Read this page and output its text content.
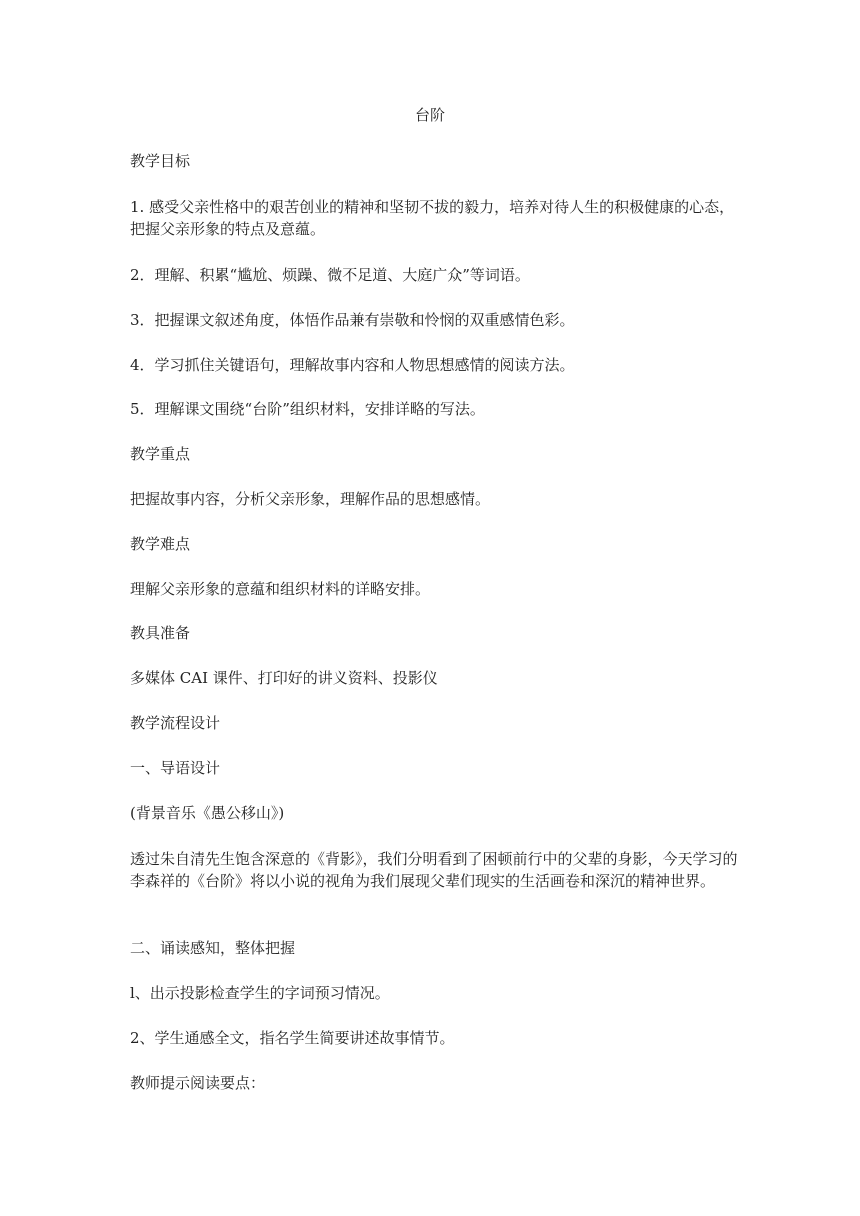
台阶

教学目标

1. 感受父亲性格中的艰苦创业的精神和坚韧不拔的毅力，培养对待人生的积极健康的心态，把握父亲形象的特点及意蕴。

2．理解、积累“尴尬、烦躁、微不足道、大庭广众”等词语。

3．把握课文叙述角度，体悟作品兼有崇敬和怜悯的双重感情色彩。

4．学习抓住关键语句，理解故事内容和人物思想感情的阅读方法。

5．理解课文围绕“台阶”组织材料，安排详略的写法。

教学重点

把握故事内容，分析父亲形象，理解作品的思想感情。

教学难点

理解父亲形象的意蕴和组织材料的详略安排。

教具准备

多媒体 CAI 课件、打印好的讲义资料、投影仪

教学流程设计

一、导语设计

(背景音乐《愚公移山》)

透过朱自清先生饱含深意的《背影》，我们分明看到了困顿前行中的父辈的身影，今天学习的李森祥的《台阶》将以小说的视角为我们展现父辈们现实的生活画卷和深沉的精神世界。

二、诵读感知，整体把握

l、出示投影检查学生的字词预习情况。

2、学生通感全文，指名学生简要讲述故事情节。

教师提示阅读要点：
